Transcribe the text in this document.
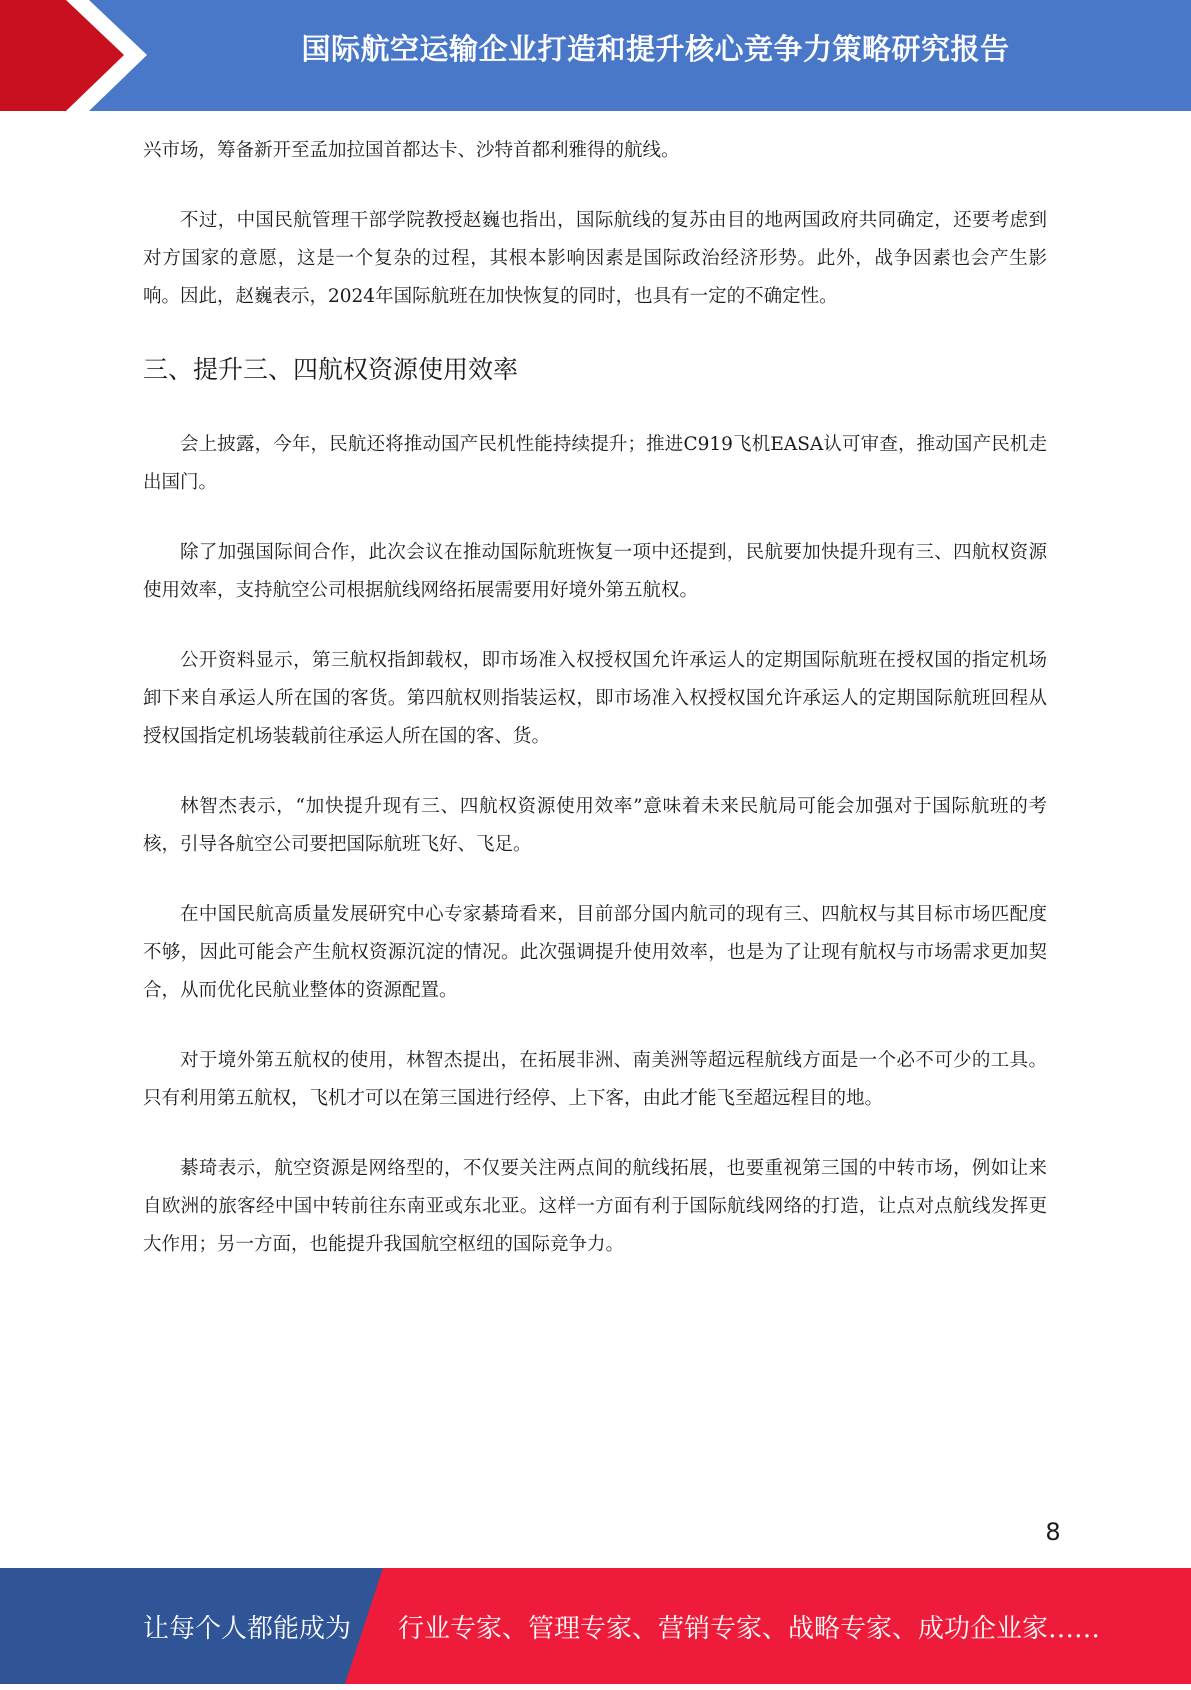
国际航空运输企业打造和提升核心竞争力策略研究报告

兴市场，筹备新开至孟加拉国首都达卡、沙特首都利雅得的航线。

不过，中国民航管理干部学院教授赵巍也指出，国际航线的复苏由目的地两国政府共同确定，还要考虑到对方国家的意愿，这是一个复杂的过程，其根本影响因素是国际政治经济形势。此外，战争因素也会产生影响。因此，赵巍表示，2024年国际航班在加快恢复的同时，也具有一定的不确定性。

三、提升三、四航权资源使用效率

会上披露，今年，民航还将推动国产民机性能持续提升；推进C919飞机EASA认可审查，推动国产民机走出国门。

除了加强国际间合作，此次会议在推动国际航班恢复一项中还提到，民航要加快提升现有三、四航权资源使用效率，支持航空公司根据航线网络拓展需要用好境外第五航权。

公开资料显示，第三航权指卸载权，即市场准入权授权国允许承运人的定期国际航班在授权国的指定机场卸下来自承运人所在国的客货。第四航权则指装运权，即市场准入权授权国允许承运人的定期国际航班回程从授权国指定机场装载前往承运人所在国的客、货。

林智杰表示，“加快提升现有三、四航权资源使用效率”意味着未来民航局可能会加强对于国际航班的考核，引导各航空公司要把国际航班飞好、飞足。

在中国民航高质量发展研究中心专家綦琦看来，目前部分国内航司的现有三、四航权与其目标市场匹配度不够，因此可能会产生航权资源沉淀的情况。此次强调提升使用效率，也是为了让现有航权与市场需求更加契合，从而优化民航业整体的资源配置。

对于境外第五航权的使用，林智杰提出，在拓展非洲、南美洲等超远程航线方面是一个必不可少的工具。只有利用第五航权，飞机才可以在第三国进行经停、上下客，由此才能飞至超远程目的地。

綦琦表示，航空资源是网络型的，不仅要关注两点间的航线拓展，也要重视第三国的中转市场，例如让来自欧洲的旅客经中国中转前往东南亚或东北亚。这样一方面有利于国际航线网络的打造，让点对点航线发挥更大作用；另一方面，也能提升我国航空枢纽的国际竞争力。

8
让每个人都能成为 行业专家、管理专家、营销专家、战略专家、成功企业家……
